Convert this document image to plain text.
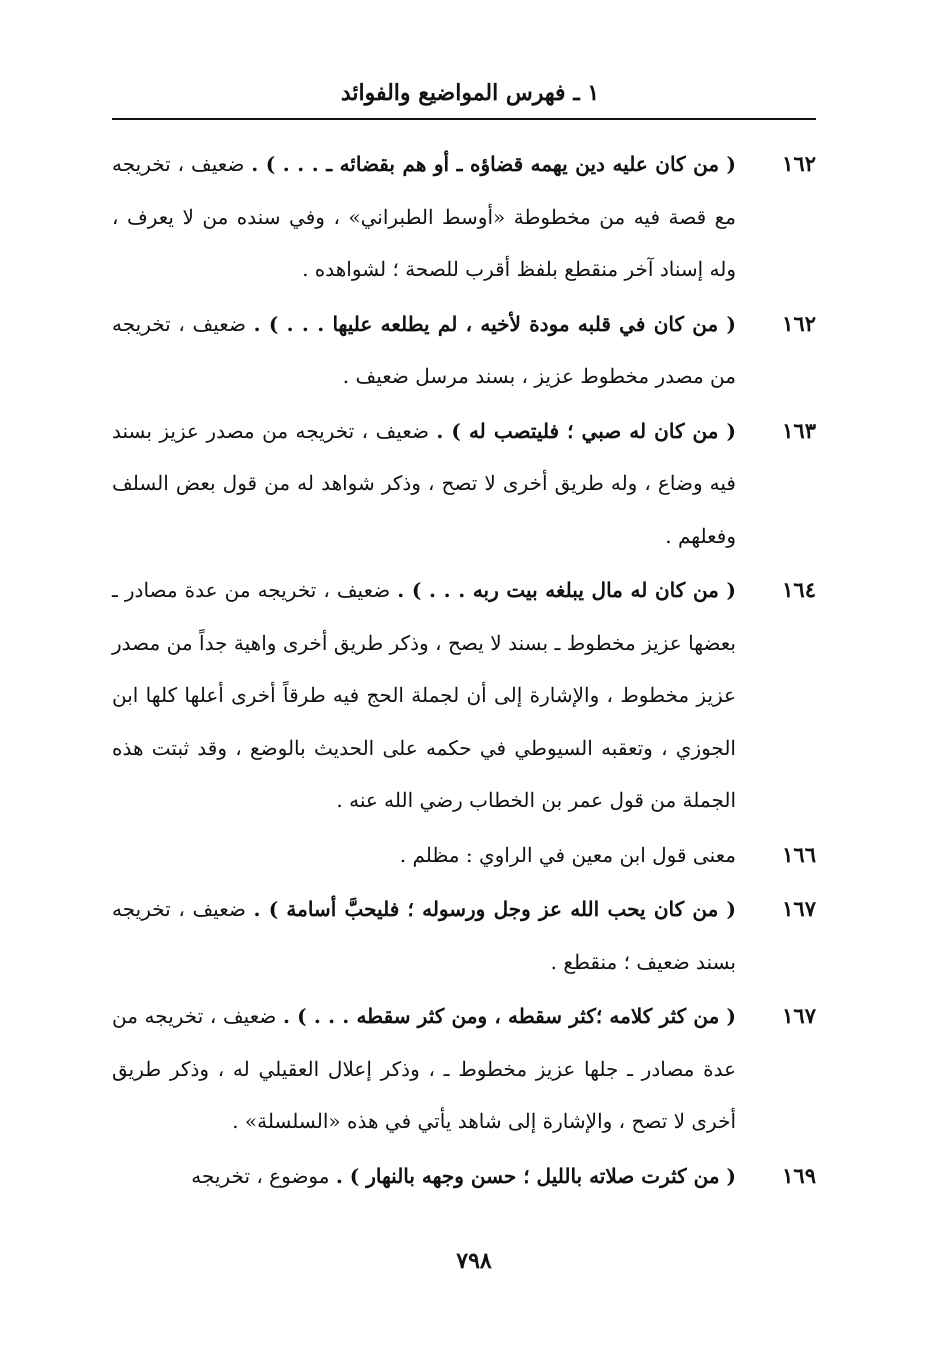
١ ـ فهرس المواضيع والفوائد
١٦٢
( من كان عليه دين يهمه قضاؤه ـ أو هم بقضائه ـ . . . ) . ضعيف ، تخريجه مع قصة فيه من مخطوطة «أوسط الطبراني» ، وفي سنده من لا يعرف ، وله إسناد آخر منقطع بلفظ أقرب للصحة ؛ لشواهده .
١٦٢
( من كان في قلبه مودة لأخيه ، لم يطلعه عليها . . . ) . ضعيف ، تخريجه من مصدر مخطوط عزيز ، بسند مرسل ضعيف .
١٦٣
( من كان له صبي ؛ فليتصب له ) . ضعيف ، تخريجه من مصدر عزيز بسند فيه وضاع ، وله طريق أخرى لا تصح ، وذكر شواهد له من قول بعض السلف وفعلهم .
١٦٤
( من كان له مال يبلغه بيت ربه . . . ) . ضعيف ، تخريجه من عدة مصادر ـ بعضها عزيز مخطوط ـ بسند لا يصح ، وذكر طريق أخرى واهية جداً من مصدر عزيز مخطوط ، والإشارة إلى أن لجملة الحج فيه طرقاً أخرى أعلها كلها ابن الجوزي ، وتعقبه السيوطي في حكمه على الحديث بالوضع ، وقد ثبتت هذه الجملة من قول عمر بن الخطاب رضي الله عنه .
١٦٦
معنى قول ابن معين في الراوي : مظلم .
١٦٧
( من كان يحب الله عز وجل ورسوله ؛ فليحبَّ أسامة ) . ضعيف ، تخريجه بسند ضعيف ؛ منقطع .
١٦٧
( من كثر كلامه ؛كثر سقطه ، ومن كثر سقطه . . . ) . ضعيف ، تخريجه من عدة مصادر ـ جلها عزيز مخطوط ـ ، وذكر إعلال العقيلي له ، وذكر طريق أخرى لا تصح ، والإشارة إلى شاهد يأتي في هذه «السلسلة» .
١٦٩
( من كثرت صلاته بالليل ؛ حسن وجهه بالنهار ) . موضوع ، تخريجه
٧٩٨
